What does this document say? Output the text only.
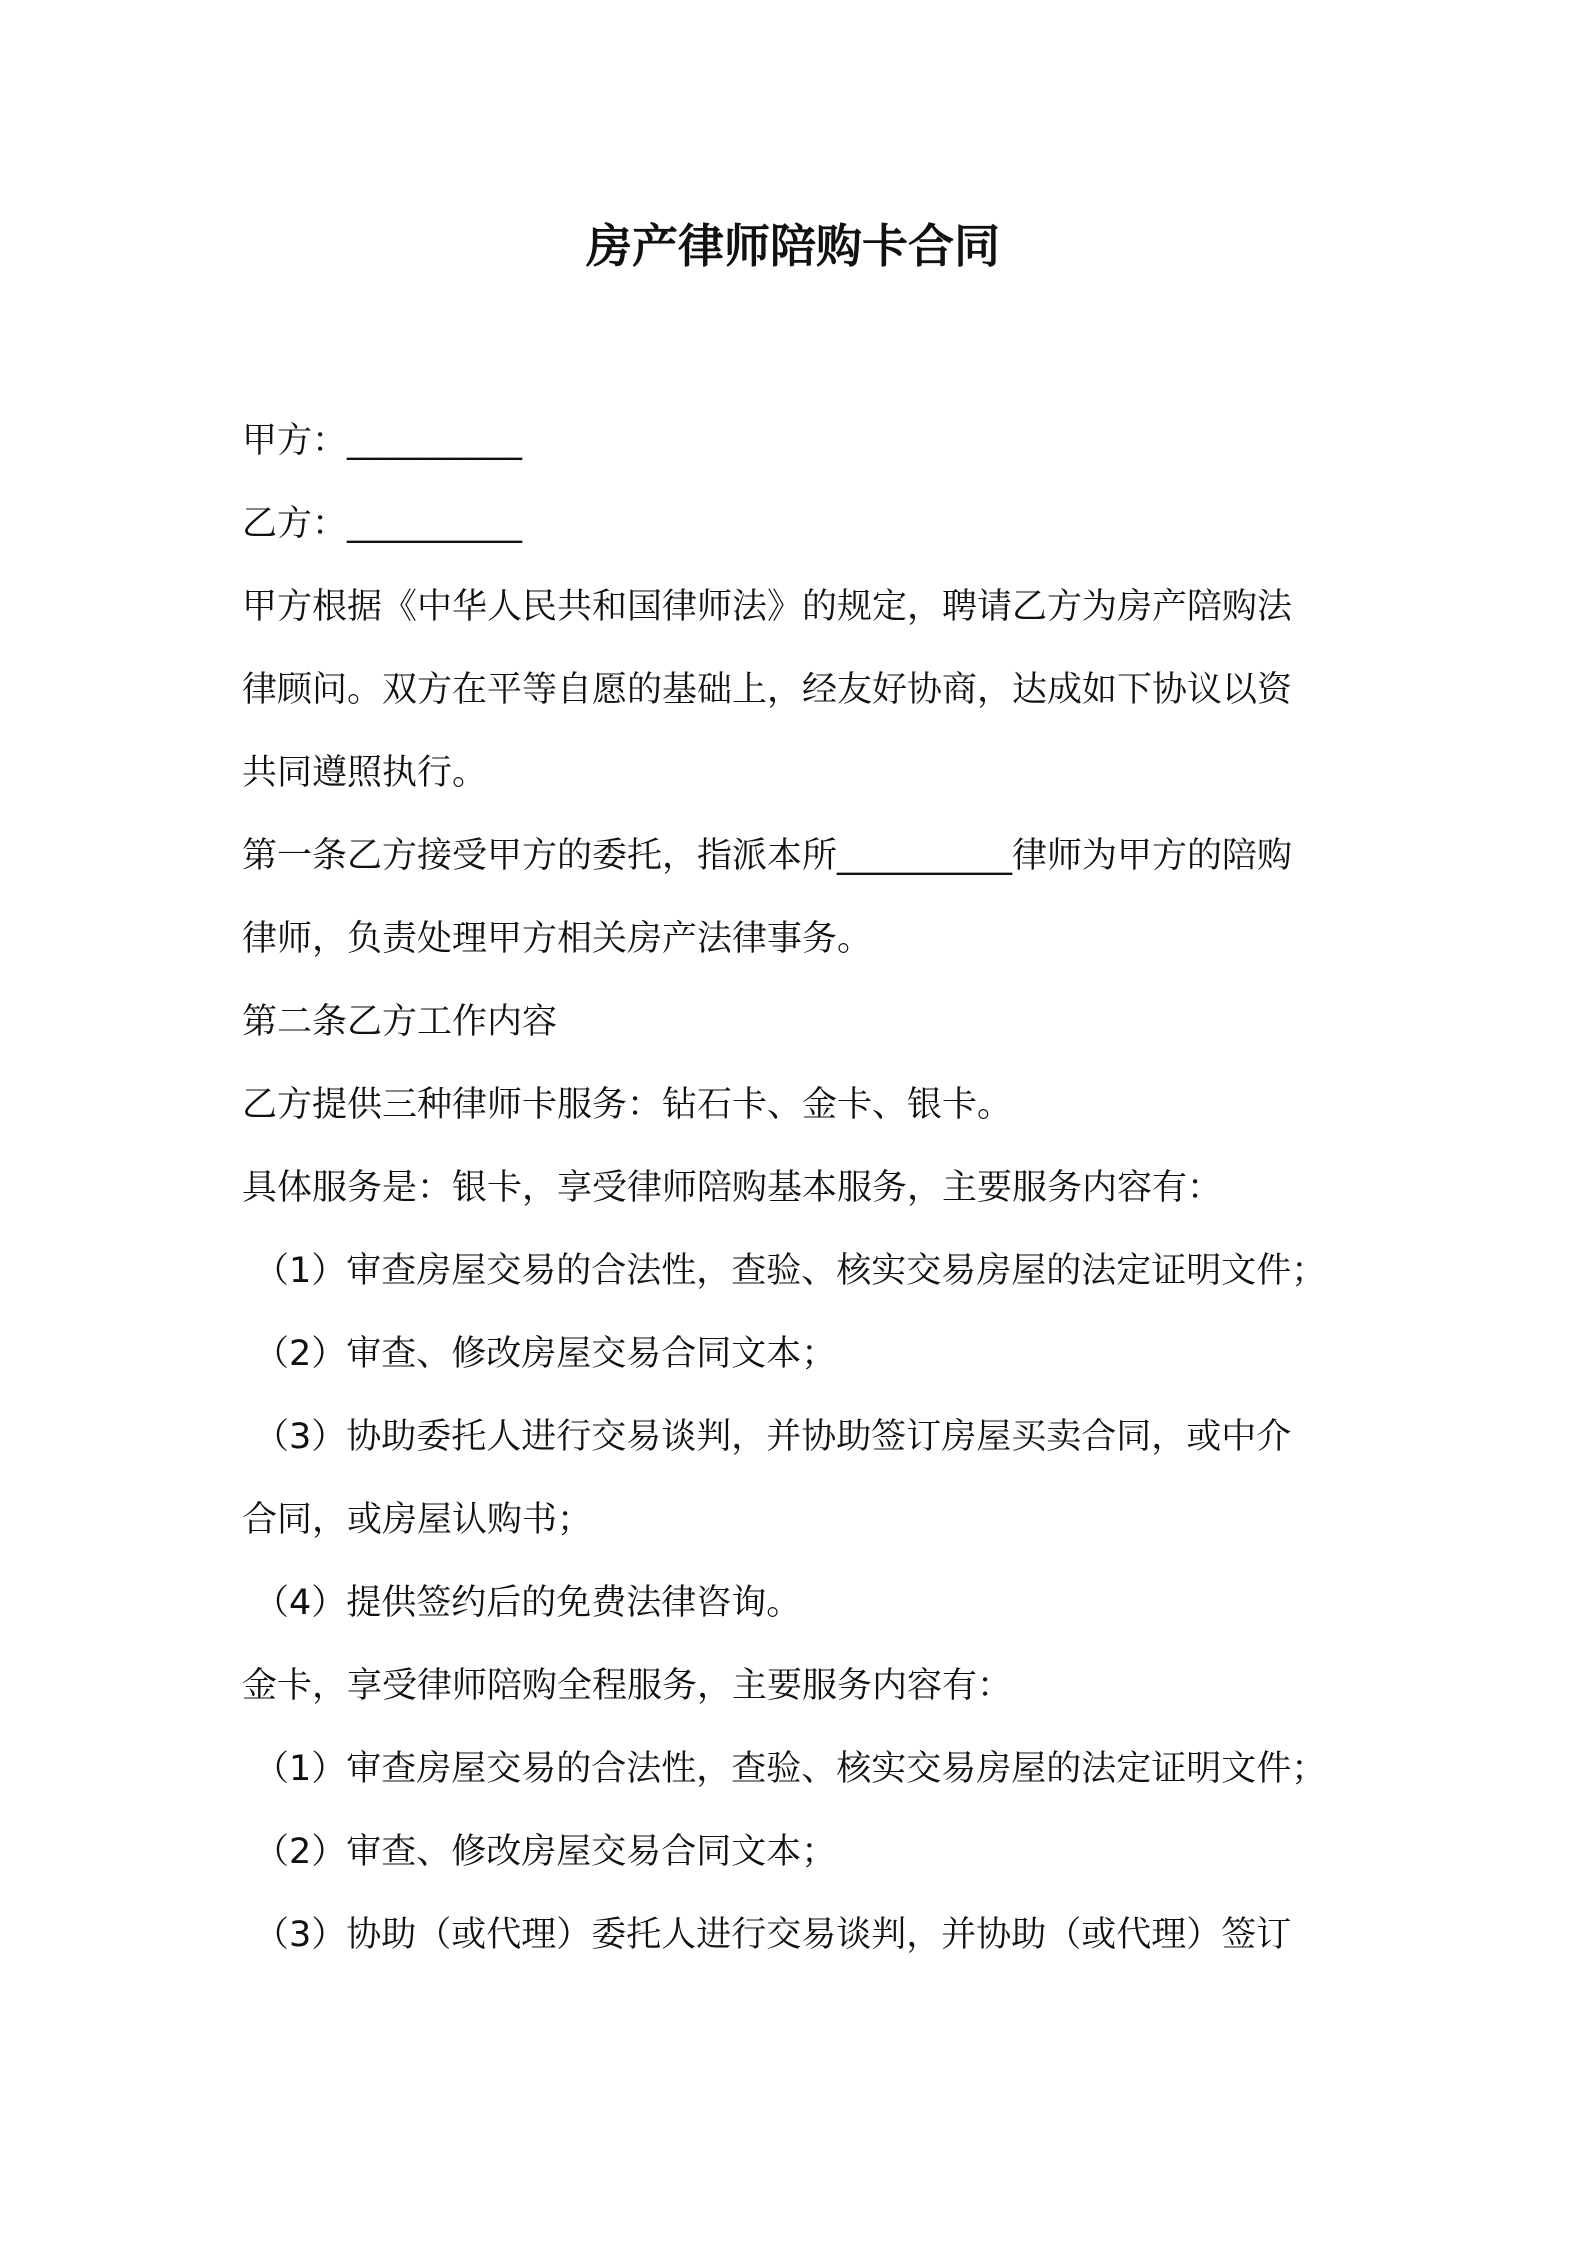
房产律师陪购卡合同
甲方：__________
乙方：__________
甲方根据《中华人民共和国律师法》的规定，聘请乙方为房产陪购法
律顾问。双方在平等自愿的基础上，经友好协商，达成如下协议以资
共同遵照执行。
第一条乙方接受甲方的委托，指派本所__________律师为甲方的陪购
律师，负责处理甲方相关房产法律事务。
第二条乙方工作内容
乙方提供三种律师卡服务：钻石卡、金卡、银卡。
具体服务是：银卡，享受律师陪购基本服务，主要服务内容有：
（1）审查房屋交易的合法性，查验、核实交易房屋的法定证明文件；
（2）审查、修改房屋交易合同文本；
（3）协助委托人进行交易谈判，并协助签订房屋买卖合同，或中介
合同，或房屋认购书；
（4）提供签约后的免费法律咨询。
金卡，享受律师陪购全程服务，主要服务内容有：
（1）审查房屋交易的合法性，查验、核实交易房屋的法定证明文件；
（2）审查、修改房屋交易合同文本；
（3）协助（或代理）委托人进行交易谈判，并协助（或代理）签订
